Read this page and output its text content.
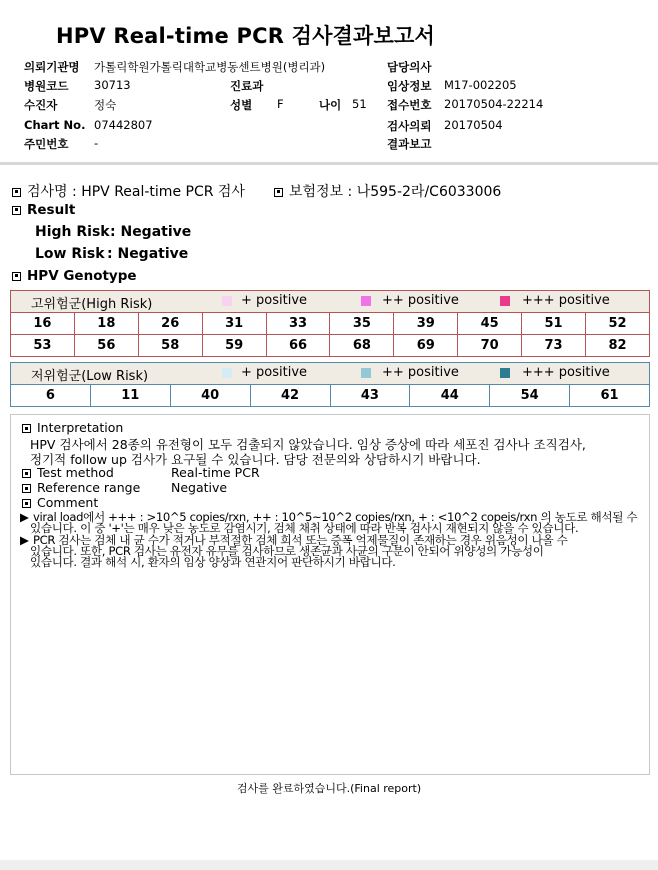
HPV Real-time PCR 검사결과보고서
의뢰기관명 가톨릭학원가톨릭대학교병동센트병원(병리과)	담당의사
병원코드 30713	진료과	임상정보 M17-002205
수진자	정숙	성별 F	나이 51 접수번호 20170504-22214
Chart No. 07442807	검사의뢰 20170504
주민번호 -	결과보고
검사명 : HPV Real-time PCR 검사	보험정보 : 나595-2라/C6033006
Result
High Risk : Negative
Low Risk : Negative
HPV Genotype
고위험군(High Risk)	+ positive	++ positive	+++ positive
16	18	26	31	33	35	39	45	51	52
53	56	58	59	66	68	69	70	73	82
저위험군(Low Risk)	+ positive	++ positive	+++ positive
6	11	40	42	43	44	54	61
Interpretation
HPV 검사에서 28종의 유전형이 모두 검출되지 않았습니다. 임상 증상에 따라 세포진 검사나 조직검사,
정기적 follow up 검사가 요구될 수 있습니다. 담당 전문의와 상담하시기 바랍니다.
Test method	Real-time PCR
Reference range Negative
Comment
▶ viral load에서 +++ : >10^5 copies/rxn, ++ : 10^5~10^2 copies/rxn, + : <10^2 copeis/rxn 의 농도로 해석될 수
있습니다. 이 중 '+'는 매우 낮은 농도로 감염시기, 검체 채취 상태에 따라 반복 검사시 재현되지 않을 수 있습니다.
▶ PCR 검사는 검체 내 균 수가 적거나 부적절한 검체 희석 또는 증폭 억제물질이 존재하는 경우 위음성이 나올 수
있습니다. 또한, PCR 검사는 유전자 유무를 검사하므로 생존균과 사균의 구분이 안되어 위양성의 가능성이
있습니다. 결과 해석 시, 환자의 임상 양상과 연관지어 판단하시기 바랍니다.
검사를 완료하였습니다.(Final report)
